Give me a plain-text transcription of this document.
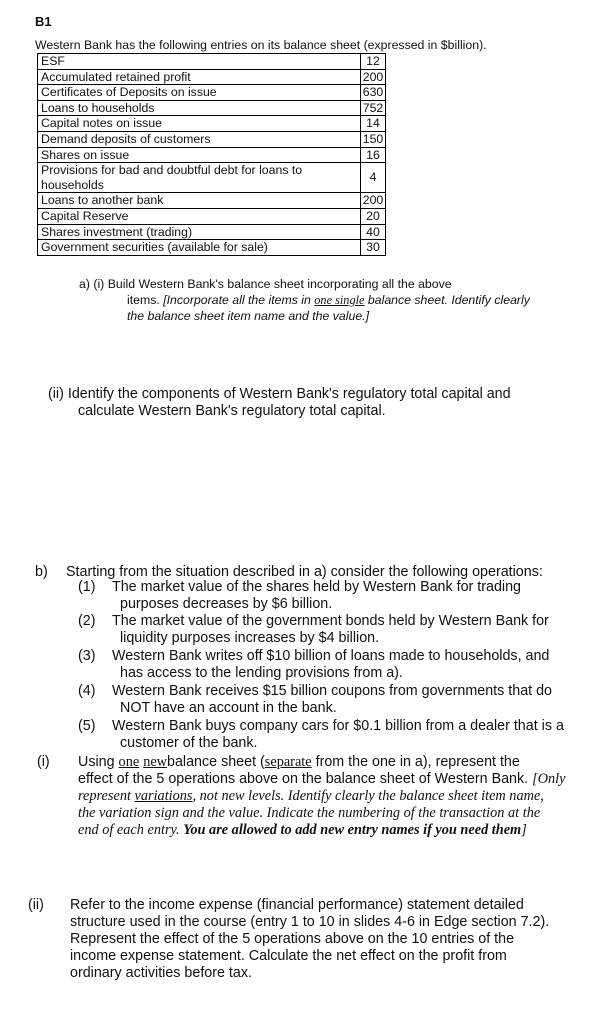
B1
Western Bank has the following entries on its balance sheet (expressed in $billion).
ESF	12
Accumulated retained profit	200
Certificates of Deposits on issue	630
Loans to households	752
Capital notes on issue	14
Demand deposits of customers	150
Shares on issue	16
Provisions for bad and doubtful debt for loans to households	4
Loans to another bank	200
Capital Reserve	20
Shares investment (trading)	40
Government securities (available for sale)	30
a) (i) Build Western Bank's balance sheet incorporating all the above
items. [Incorporate all the items in one single balance sheet. Identify clearly
the balance sheet item name and the value.]
(ii) Identify the components of Western Bank's regulatory total capital and
calculate Western Bank's regulatory total capital.
b) Starting from the situation described in a) consider the following operations:
(1) The market value of the shares held by Western Bank for trading
purposes decreases by $6 billion.
(2) The market value of the government bonds held by Western Bank for
liquidity purposes increases by $4 billion.
(3) Western Bank writes off $10 billion of loans made to households, and
has access to the lending provisions from a).
(4) Western Bank receives $15 billion coupons from governments that do
NOT have an account in the bank.
(5) Western Bank buys company cars for $0.1 billion from a dealer that is a
customer of the bank.
(i) Using one newbalance sheet (separate from the one in a), represent the
effect of the 5 operations above on the balance sheet of Western Bank. [Only
represent variations, not new levels. Identify clearly the balance sheet item name,
the variation sign and the value. Indicate the numbering of the transaction at the
end of each entry. You are allowed to add new entry names if you need them]
(ii) Refer to the income expense (financial performance) statement detailed
structure used in the course (entry 1 to 10 in slides 4-6 in Edge section 7.2).
Represent the effect of the 5 operations above on the 10 entries of the
income expense statement. Calculate the net effect on the profit from
ordinary activities before tax.
